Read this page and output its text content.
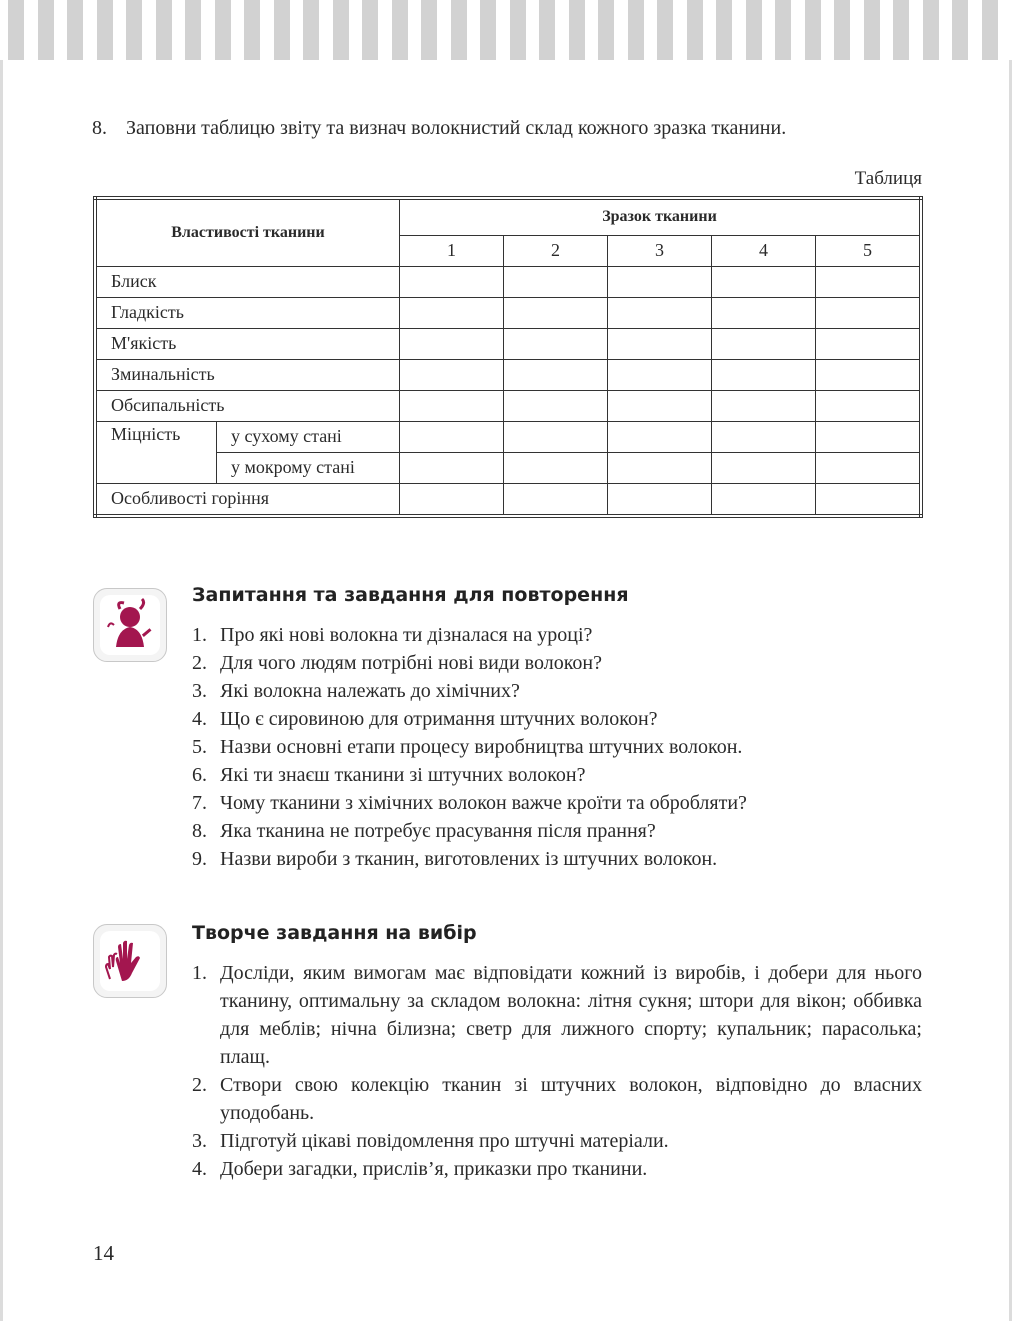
8. Заповни таблицю звіту та визнач волокнистий склад кожного зразка тканини.
Таблиця
Властивості тканини		Зразок тканини				
		1	2	3	4	5
Блиск						
Гладкість						
М'якість						
Зминальність						
Обсипальність						
Міцність	у сухому стані					
	у мокрому стані					
Особливості горіння						
Запитання та завдання для повторення
1. Про які нові волокна ти дізналася на уроці?
2. Для чого людям потрібні нові види волокон?
3. Які волокна належать до хімічних?
4. Що є сировиною для отримання штучних волокон?
5. Назви основні етапи процесу виробництва штучних волокон.
6. Які ти знаєш тканини зі штучних волокон?
7. Чому тканини з хімічних волокон важче кроїти та обробляти?
8. Яка тканина не потребує прасування після прання?
9. Назви вироби з тканин, виготовлених із штучних волокон.
Творче завдання на вибір
1. Досліди, яким вимогам має відповідати кожний із виробів, і добери для нього тканину, оптимальну за складом волокна: літня сукня; штори для вікон; оббивка для меблів; нічна білизна; светр для лижного спорту; купальник; парасолька; плащ.
2. Створи свою колекцію тканин зі штучних волокон, відповідно до власних уподобань.
3. Підготуй цікаві повідомлення про штучні матеріали.
4. Добери загадки, прислів’я, приказки про тканини.
14
